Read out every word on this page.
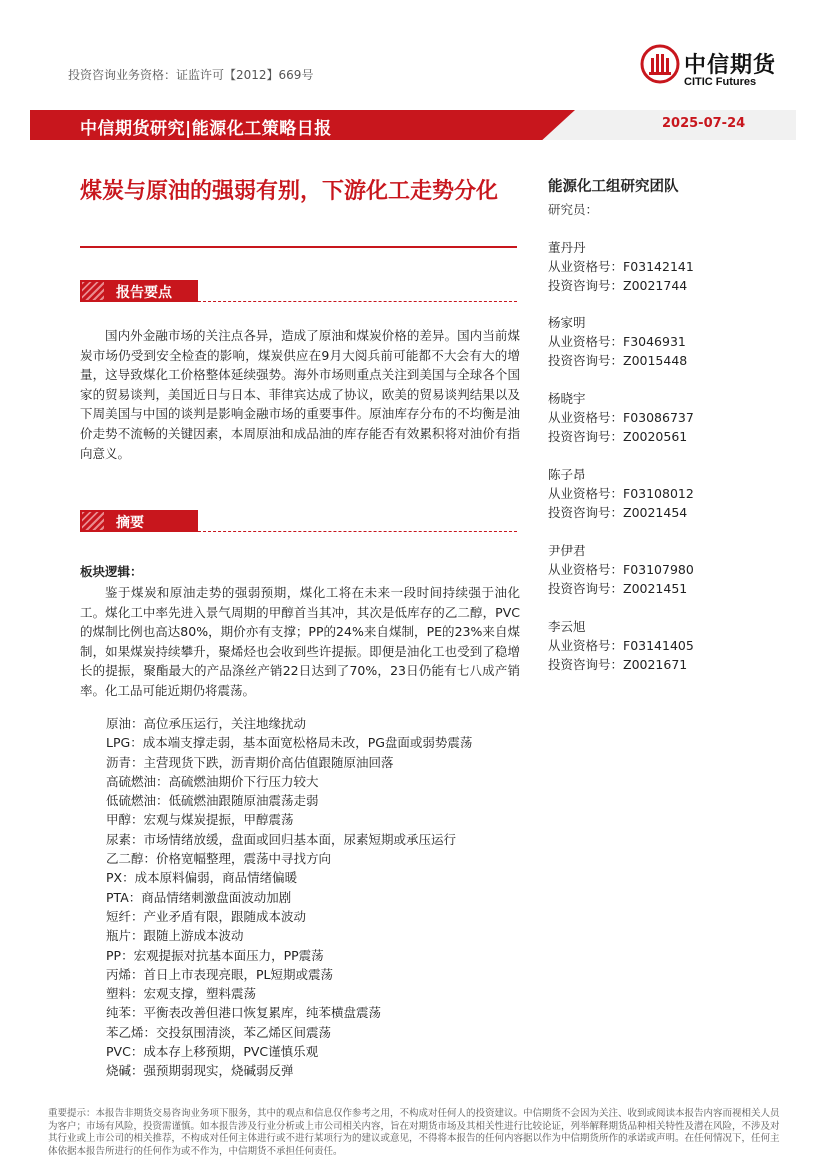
投资咨询业务资格：证监许可【2012】669号	中信期货
CITIC Futures
中信期货研究|能源化工策略日报	2025-07-24
煤炭与原油的强弱有别，下游化工走势分化
报告要点

国内外金融市场的关注点各异，造成了原油和煤炭价格的差异。国内当前煤炭市场仍受到安全检查的影响，煤炭供应在9月大阅兵前可能都不大会有大的增量，这导致煤化工价格整体延续强势。海外市场则重点关注到美国与全球各个国家的贸易谈判，美国近日与日本、菲律宾达成了协议，欧美的贸易谈判结果以及下周美国与中国的谈判是影响金融市场的重要事件。原油库存分布的不均衡是油价走势不流畅的关键因素，本周原油和成品油的库存能否有效累积将对油价有指向意义。

摘要
板块逻辑：

鉴于煤炭和原油走势的强弱预期，煤化工将在未来一段时间持续强于油化工。煤化工中率先进入景气周期的甲醇首当其冲，其次是低库存的乙二醇，PVC的煤制比例也高达80%，期价亦有支撑；PP的24%来自煤制，PE的23%来自煤制，如果煤炭持续攀升，聚烯烃也会收到些许提振。即便是油化工也受到了稳增长的提振，聚酯最大的产品涤丝产销22日达到了70%，23日仍能有七八成产销率。化工品可能近期仍将震荡。

原油：高位承压运行，关注地缘扰动
LPG：成本端支撑走弱，基本面宽松格局未改，PG盘面或弱势震荡
沥青：主营现货下跌，沥青期价高估值跟随原油回落
高硫燃油：高硫燃油期价下行压力较大
低硫燃油：低硫燃油跟随原油震荡走弱
甲醇：宏观与煤炭提振，甲醇震荡
尿素：市场情绪放缓，盘面或回归基本面，尿素短期或承压运行
乙二醇：价格宽幅整理，震荡中寻找方向
PX：成本原料偏弱，商品情绪偏暖
PTA：商品情绪刺激盘面波动加剧
短纤：产业矛盾有限，跟随成本波动
瓶片：跟随上游成本波动
PP：宏观提振对抗基本面压力，PP震荡
丙烯：首日上市表现亮眼，PL短期或震荡
塑料：宏观支撑，塑料震荡
纯苯：平衡表改善但港口恢复累库，纯苯横盘震荡
苯乙烯：交投氛围清淡，苯乙烯区间震荡
PVC：成本存上移预期，PVC谨慎乐观
烧碱：强预期弱现实，烧碱弱反弹
能源化工组研究团队
研究员：
董丹丹
从业资格号：F03142141
投资咨询号：Z0021744
杨家明
从业资格号：F3046931
投资咨询号：Z0015448
杨晓宇
从业资格号：F03086737
投资咨询号：Z0020561
陈子昂
从业资格号：F03108012
投资咨询号：Z0021454
尹伊君
从业资格号：F03107980
投资咨询号：Z0021451
李云旭
从业资格号：F03141405
投资咨询号：Z0021671
重要提示：本报告非期货交易咨询业务项下服务，其中的观点和信息仅作参考之用，不构成对任何人的投资建议。中信期货不会因为关注、收到或阅读本报告内容而视相关人员为客户；市场有风险，投资需谨慎。如本报告涉及行业分析或上市公司相关内容，旨在对期货市场及其相关性进行比较论证，列举解释期货品种相关特性及潜在风险，不涉及对其行业或上市公司的相关推荐，不构成对任何主体进行或不进行某项行为的建议或意见，不得将本报告的任何内容据以作为中信期货所作的承诺或声明。在任何情况下，任何主体依据本报告所进行的任何作为或不作为，中信期货不承担任何责任。
